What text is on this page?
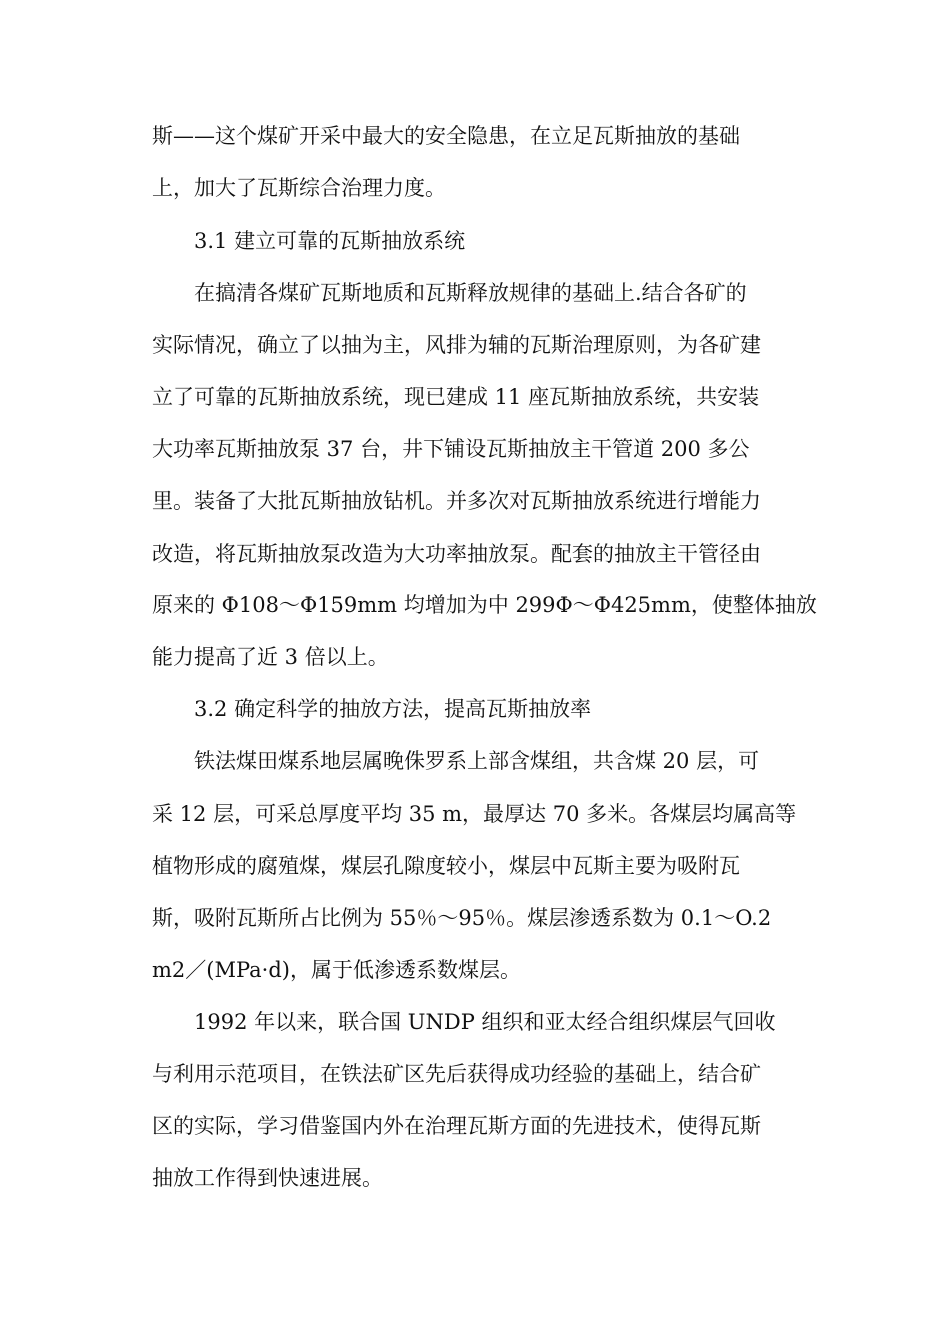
斯——这个煤矿开采中最大的安全隐患，在立足瓦斯抽放的基础
上，加大了瓦斯综合治理力度。
3.1 建立可靠的瓦斯抽放系统
在搞清各煤矿瓦斯地质和瓦斯释放规律的基础上.结合各矿的
实际情况，确立了以抽为主，风排为辅的瓦斯治理原则，为各矿建
立了可靠的瓦斯抽放系统，现已建成 11 座瓦斯抽放系统，共安装
大功率瓦斯抽放泵 37 台，井下铺设瓦斯抽放主干管道 200 多公
里。装备了大批瓦斯抽放钻机。并多次对瓦斯抽放系统进行增能力
改造，将瓦斯抽放泵改造为大功率抽放泵。配套的抽放主干管径由
原来的 Φ108～Φ159mm 均增加为中 299Φ～Φ425mm，使整体抽放
能力提高了近 3 倍以上。
3.2 确定科学的抽放方法，提高瓦斯抽放率
铁法煤田煤系地层属晚侏罗系上部含煤组，共含煤 20 层，可
采 12 层，可采总厚度平均 35 m，最厚达 70 多米。各煤层均属高等
植物形成的腐殖煤，煤层孔隙度较小，煤层中瓦斯主要为吸附瓦
斯，吸附瓦斯所占比例为 55％～95％。煤层渗透系数为 0.1～O.2
m2／(MPa·d)，属于低渗透系数煤层。
1992 年以来，联合国 UNDP 组织和亚太经合组织煤层气回收
与利用示范项目，在铁法矿区先后获得成功经验的基础上，结合矿
区的实际，学习借鉴国内外在治理瓦斯方面的先进技术，使得瓦斯
抽放工作得到快速进展。
